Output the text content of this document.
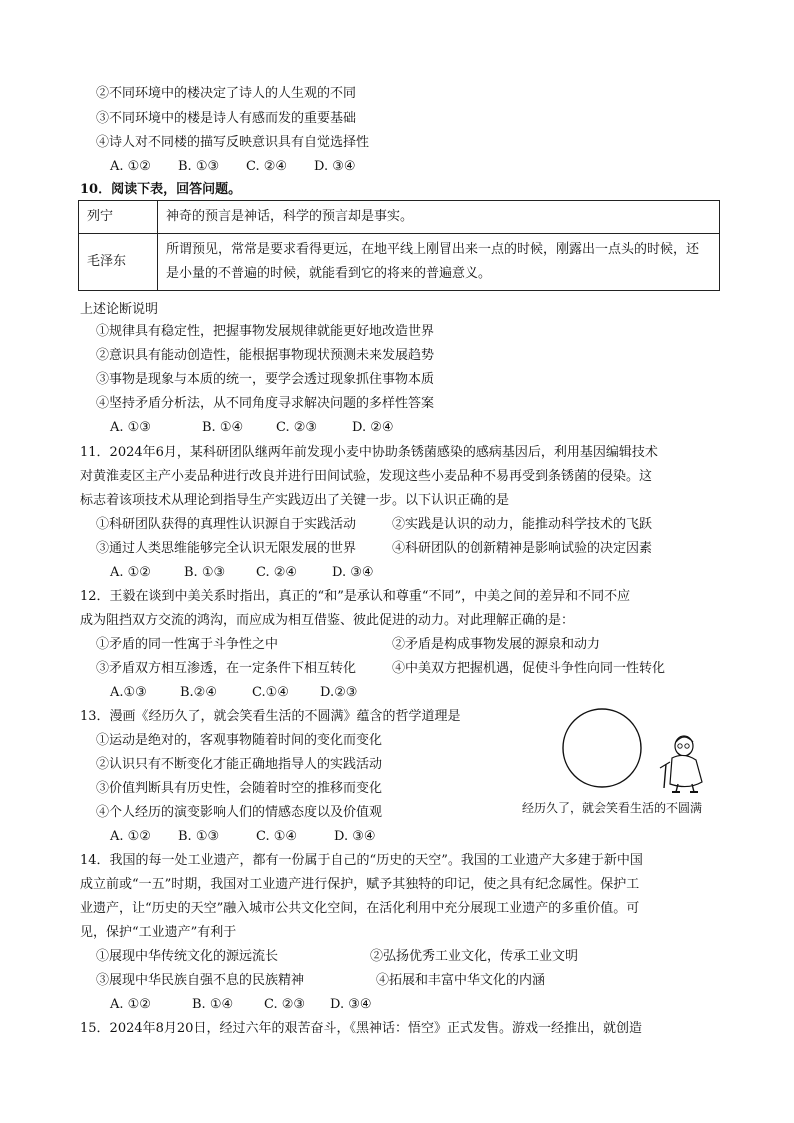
②不同环境中的楼决定了诗人的人生观的不同
③不同环境中的楼是诗人有感而发的重要基础
④诗人对不同楼的描写反映意识具有自觉选择性
A. ①② B. ①③ C. ②④ D. ③④
10．阅读下表，回答问题。
列宁	神奇的预言是神话，科学的预言却是事实。
毛泽东	所谓预见，常常是要求看得更远，在地平线上刚冒出来一点的时候，刚露出一点头的时候，还是小量的不普遍的时候，就能看到它的将来的普遍意义。
上述论断说明
①规律具有稳定性，把握事物发展规律就能更好地改造世界
②意识具有能动创造性，能根据事物现状预测未来发展趋势
③事物是现象与本质的统一，要学会透过现象抓住事物本质
④坚持矛盾分析法，从不同角度寻求解决问题的多样性答案
A. ①③	B. ①④	C. ②③	D. ②④
11．2024年6月，某科研团队继两年前发现小麦中协助条锈菌感染的感病基因后，利用基因编辑技术
对黄淮麦区主产小麦品种进行改良并进行田间试验，发现这些小麦品种不易再受到条锈菌的侵染。这
标志着该项技术从理论到指导生产实践迈出了关键一步。以下认识正确的是
①科研团队获得的真理性认识源自于实践活动	②实践是认识的动力，能推动科学技术的飞跃
③通过人类思维能够完全认识无限发展的世界	④科研团队的创新精神是影响试验的决定因素
A. ①②	B. ①③ C. ②④	D. ③④
12．王毅在谈到中美关系时指出，真正的“和”是承认和尊重“不同”，中美之间的差异和不同不应
成为阻挡双方交流的鸿沟，而应成为相互借鉴、彼此促进的动力。对此理解正确的是：
①矛盾的同一性寓于斗争性之中	②矛盾是构成事物发展的源泉和动力
③矛盾双方相互渗透，在一定条件下相互转化	④中美双方把握机遇，促使斗争性向同一性转化
A.①③	B.②④	C.①④ D.②③
13．漫画《经历久了，就会笑看生活的不圆满》蕴含的哲学道理是
①运动是绝对的，客观事物随着时间的变化而变化
②认识只有不断变化才能正确地指导人的实践活动
③价值判断具有历史性，会随着时空的推移而变化
④个人经历的演变影响人们的情感态度以及价值观
A. ①② B. ①③	C. ①④	D. ③④
经历久了，就会笑看生活的不圆满
14．我国的每一处工业遗产，都有一份属于自己的“历史的天空”。我国的工业遗产大多建于新中国
成立前或“一五”时期，我国对工业遗产进行保护，赋予其独特的印记，使之具有纪念属性。保护工
业遗产，让“历史的天空”融入城市公共文化空间，在活化利用中充分展现工业遗产的多重价值。可
见，保护“工业遗产”有利于
①展现中华传统文化的源远流长	②弘扬优秀工业文化，传承工业文明
③展现中华民族自强不息的民族精神	④拓展和丰富中华文化的内涵
A. ①②	B. ①④ C. ②③ D. ③④
15．2024年8月20日，经过六年的艰苦奋斗，《黑神话：悟空》正式发售。游戏一经推出，就创造
